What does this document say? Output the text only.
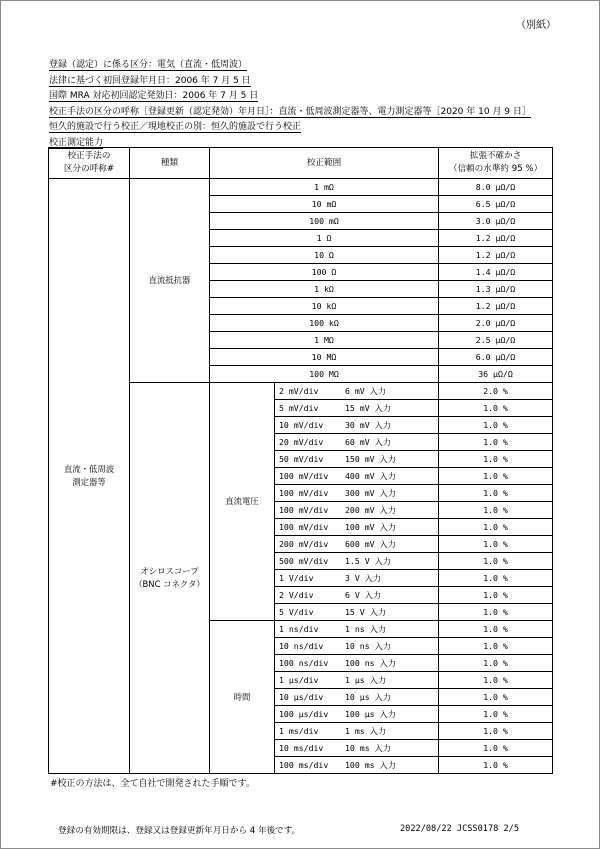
（別紙）
登録（認定）に係る区分：電気（直流・低周波）
法律に基づく初回登録年月日：2006 年 7 月 5 日
国際 MRA 対応初回認定発効日：2006 年 7 月 5 日
校正手法の区分の呼称［登録更新（認定発効）年月日］：直流・低周波測定器等、電力測定器等［2020 年 10 月 9 日］
恒久的施設で行う校正／現地校正の別：恒久的施設で行う校正
校正測定能力
校正手法の
区分の呼称#	種類	校正範囲		拡張不確かさ
（信頼の水準約 95 %）
直流・低周波
測定器等	直流抵抗器	1 mΩ		8.0 μΩ/Ω
		10 mΩ		6.5 μΩ/Ω
		100 mΩ		3.0 μΩ/Ω
		1 Ω		1.2 μΩ/Ω
		10 Ω		1.2 μΩ/Ω
		100 Ω		1.4 μΩ/Ω
		1 kΩ		1.3 μΩ/Ω
		10 kΩ		1.2 μΩ/Ω
		100 kΩ		2.0 μΩ/Ω
		1 MΩ		2.5 μΩ/Ω
		10 MΩ		6.0 μΩ/Ω
		100 MΩ		36 μΩ/Ω
	オシロスコープ
（BNC コネクタ）	直流電圧	2 mV/div 6 mV 入力	2.0 %
			5 mV/div 15 mV 入力	1.0 %
			10 mV/div 30 mV 入力	1.0 %
			20 mV/div 60 mV 入力	1.0 %
			50 mV/div 150 mV 入力	1.0 %
			100 mV/div 400 mV 入力	1.0 %
			100 mV/div 300 mV 入力	1.0 %
			100 mV/div 200 mV 入力	1.0 %
			100 mV/div 100 mV 入力	1.0 %
			200 mV/div 600 mV 入力	1.0 %
			500 mV/div 1.5 V 入力	1.0 %
			1 V/div 3 V 入力	1.0 %
			2 V/div 6 V 入力	1.0 %
			5 V/div 15 V 入力	1.0 %
		時間	1 ns/div 1 ns 入力	1.0 %
			10 ns/div 10 ns 入力	1.0 %
			100 ns/div 100 ns 入力	1.0 %
			1 μs/div 1 μs 入力	1.0 %
			10 μs/div 10 μs 入力	1.0 %
			100 μs/div 100 μs 入力	1.0 %
			1 ms/div 1 ms 入力	1.0 %
			10 ms/div 10 ms 入力	1.0 %
			100 ms/div 100 ms 入力	1.0 %
#校正の方法は、全て自社で開発された手順です。
登録の有効期限は、登録又は登録更新年月日から 4 年後です。	2022/08/22 JCSS0178 2/5
